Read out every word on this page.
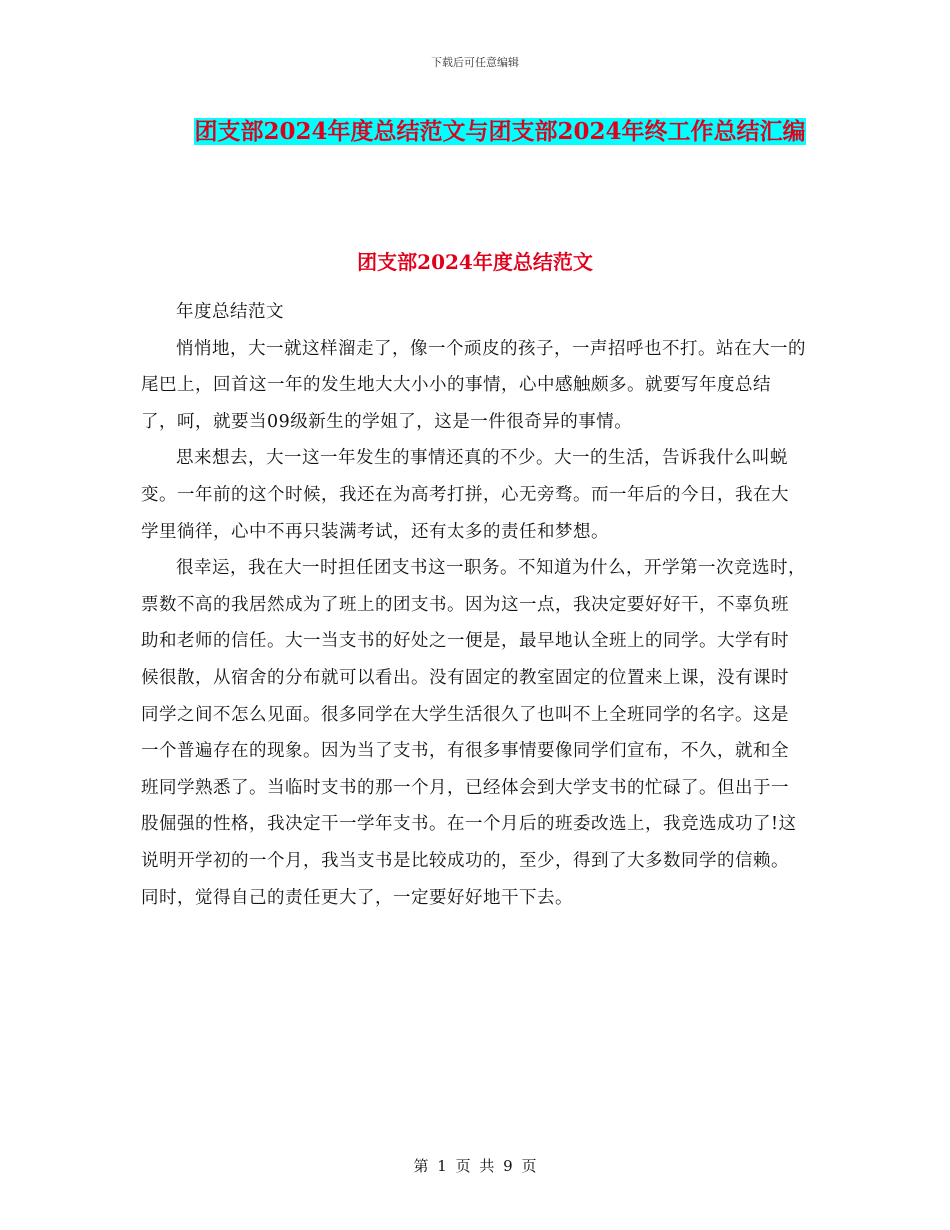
下载后可任意编辑
团支部2024年度总结范文与团支部2024年终工作总结汇编
团支部2024年度总结范文

年度总结范文

悄悄地，大一就这样溜走了，像一个顽皮的孩子，一声招呼也不打。站在大一的尾巴上，回首这一年的发生地大大小小的事情，心中感触颇多。就要写年度总结了，呵，就要当09级新生的学姐了，这是一件很奇异的事情。

思来想去，大一这一年发生的事情还真的不少。大一的生活，告诉我什么叫蜕变。一年前的这个时候，我还在为高考打拼，心无旁骛。而一年后的今日，我在大学里徜徉，心中不再只装满考试，还有太多的责任和梦想。

很幸运，我在大一时担任团支书这一职务。不知道为什么，开学第一次竞选时，票数不高的我居然成为了班上的团支书。因为这一点，我决定要好好干，不辜负班助和老师的信任。大一当支书的好处之一便是，最早地认全班上的同学。大学有时候很散，从宿舍的分布就可以看出。没有固定的教室固定的位置来上课，没有课时同学之间不怎么见面。很多同学在大学生活很久了也叫不上全班同学的名字。这是一个普遍存在的现象。因为当了支书，有很多事情要像同学们宣布，不久，就和全班同学熟悉了。当临时支书的那一个月，已经体会到大学支书的忙碌了。但出于一股倔强的性格，我决定干一学年支书。在一个月后的班委改选上，我竞选成功了!这说明开学初的一个月，我当支书是比较成功的，至少，得到了大多数同学的信赖。同时，觉得自己的责任更大了，一定要好好地干下去。

第 1 页 共 9 页
